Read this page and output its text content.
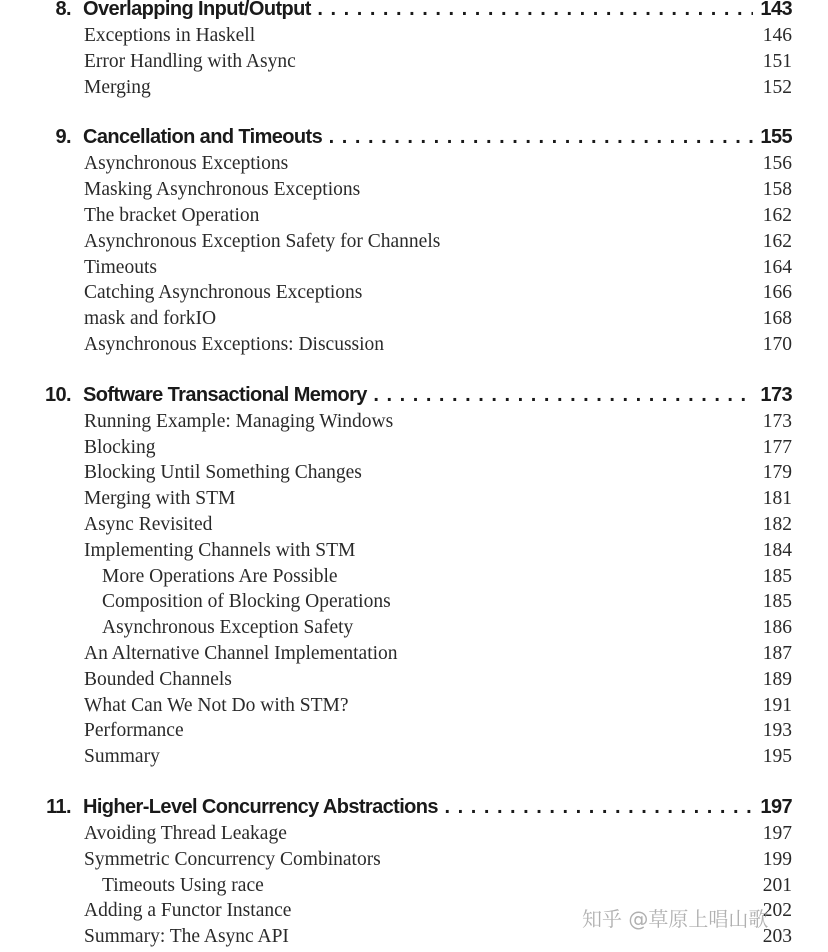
8. Overlapping Input/Output . . .	143
Exceptions in Haskell	146
Error Handling with Async	151
Merging	152
9. Cancellation and Timeouts . . .	155
Asynchronous Exceptions	156
Masking Asynchronous Exceptions	158
The bracket Operation	162
Asynchronous Exception Safety for Channels	162
Timeouts	164
Catching Asynchronous Exceptions	166
mask and forkIO	168
Asynchronous Exceptions: Discussion	170
10. Software Transactional Memory . . .	173
Running Example: Managing Windows	173
Blocking	177
Blocking Until Something Changes	179
Merging with STM	181
Async Revisited	182
Implementing Channels with STM	184
More Operations Are Possible	185
Composition of Blocking Operations	185
Asynchronous Exception Safety	186
An Alternative Channel Implementation	187
Bounded Channels	189
What Can We Not Do with STM?	191
Performance	193
Summary	195
11. Higher-Level Concurrency Abstractions . . .	197
Avoiding Thread Leakage	197
Symmetric Concurrency Combinators	199
Timeouts Using race	201
Adding a Functor Instance	202
Summary: The Async API	203
知乎 @草原上唱山歌
